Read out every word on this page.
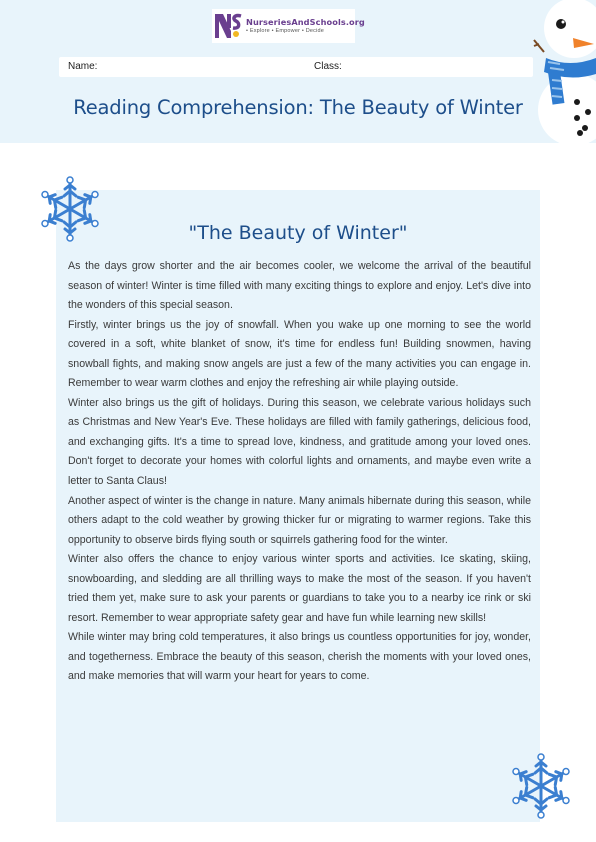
NurseriesAndSchools.org
• Explore • Empower • Decide
Name:	Class:
Reading Comprehension: The Beauty of Winter
"The Beauty of Winter"

As the days grow shorter and the air becomes cooler, we welcome the arrival of the beautiful season of winter! Winter is time filled with many exciting things to explore and enjoy. Let's dive into the wonders of this special season.

Firstly, winter brings us the joy of snowfall. When you wake up one morning to see the world covered in a soft, white blanket of snow, it's time for endless fun! Building snowmen, having snowball fights, and making snow angels are just a few of the many activities you can engage in. Remember to wear warm clothes and enjoy the refreshing air while playing outside.

Winter also brings us the gift of holidays. During this season, we celebrate various holidays such as Christmas and New Year's Eve. These holidays are filled with family gatherings, delicious food, and exchanging gifts. It's a time to spread love, kindness, and gratitude among your loved ones. Don't forget to decorate your homes with colorful lights and ornaments, and maybe even write a letter to Santa Claus!

Another aspect of winter is the change in nature. Many animals hibernate during this season, while others adapt to the cold weather by growing thicker fur or migrating to warmer regions. Take this opportunity to observe birds flying south or squirrels gathering food for the winter.

Winter also offers the chance to enjoy various winter sports and activities. Ice skating, skiing, snowboarding, and sledding are all thrilling ways to make the most of the season. If you haven't tried them yet, make sure to ask your parents or guardians to take you to a nearby ice rink or ski resort. Remember to wear appropriate safety gear and have fun while learning new skills!

While winter may bring cold temperatures, it also brings us countless opportunities for joy, wonder, and togetherness. Embrace the beauty of this season, cherish the moments with your loved ones, and make memories that will warm your heart for years to come.
